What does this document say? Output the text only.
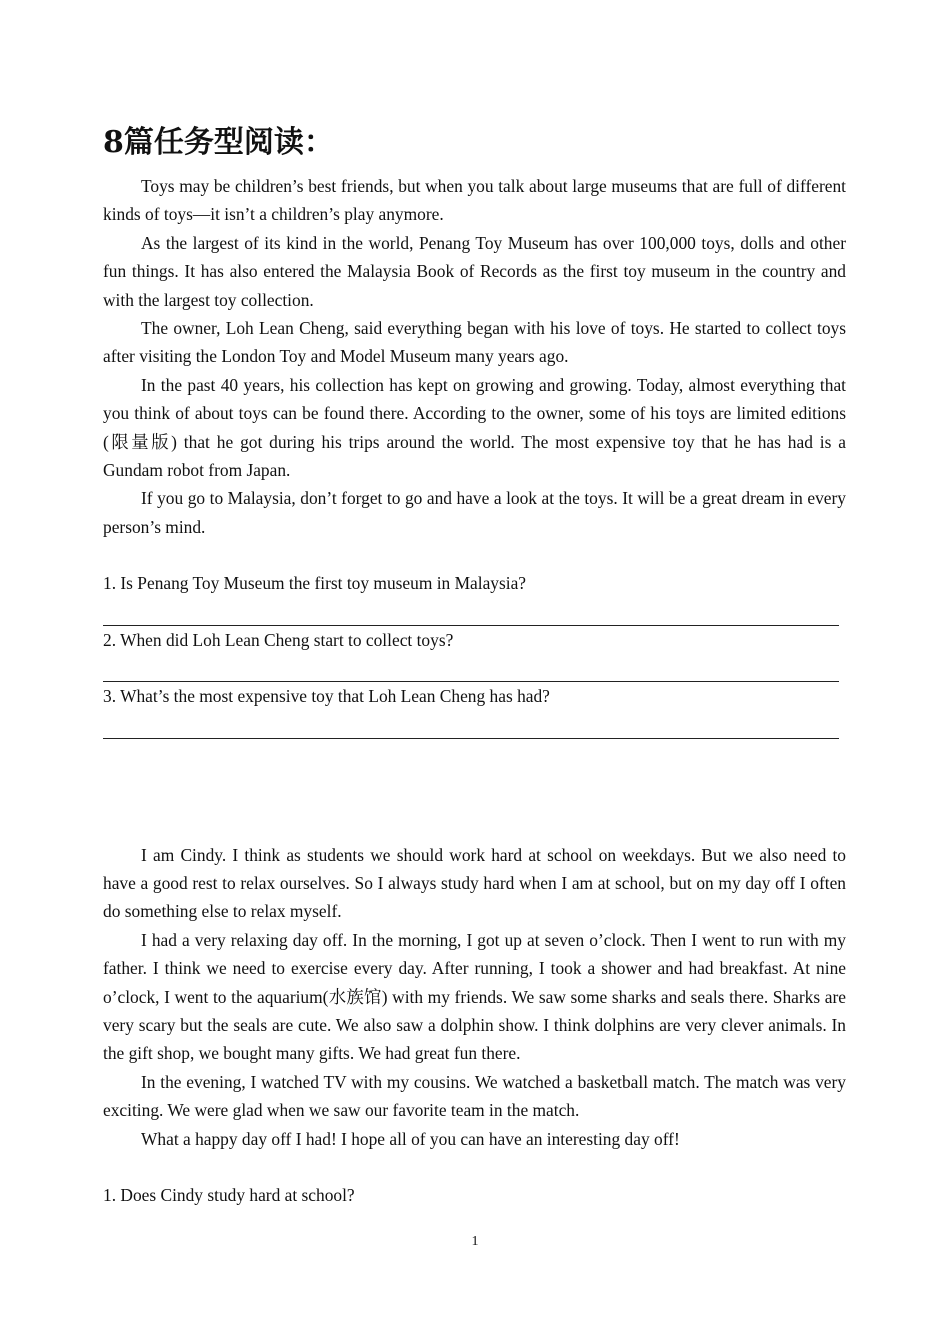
8篇任务型阅读：

Toys may be children’s best friends, but when you talk about large museums that are full of different kinds of toys—it isn’t a children’s play anymore.

As the largest of its kind in the world, Penang Toy Museum has over 100,000 toys, dolls and other fun things. It has also entered the Malaysia Book of Records as the first toy museum in the country and with the largest toy collection.

The owner, Loh Lean Cheng, said everything began with his love of toys. He started to collect toys after visiting the London Toy and Model Museum many years ago.

In the past 40 years, his collection has kept on growing and growing. Today, almost everything that you think of about toys can be found there. According to the owner, some of his toys are limited editions (限量版) that he got during his trips around the world. The most expensive toy that he has had is a Gundam robot from Japan.

If you go to Malaysia, don’t forget to go and have a look at the toys. It will be a great dream in every person’s mind.

1. Is Penang Toy Museum the first toy museum in Malaysia?

2. When did Loh Lean Cheng start to collect toys?

3. What’s the most expensive toy that Loh Lean Cheng has had?

I am Cindy. I think as students we should work hard at school on weekdays. But we also need to have a good rest to relax ourselves. So I always study hard when I am at school, but on my day off I often do something else to relax myself.

I had a very relaxing day off. In the morning, I got up at seven o’clock. Then I went to run with my father. I think we need to exercise every day. After running, I took a shower and had breakfast. At nine o’clock, I went to the aquarium(水族馆) with my friends. We saw some sharks and seals there. Sharks are very scary but the seals are cute. We also saw a dolphin show. I think dolphins are very clever animals. In the gift shop, we bought many gifts. We had great fun there.

In the evening, I watched TV with my cousins. We watched a basketball match. The match was very exciting. We were glad when we saw our favorite team in the match.

What a happy day off I had! I hope all of you can have an interesting day off!

1. Does Cindy study hard at school?

1
